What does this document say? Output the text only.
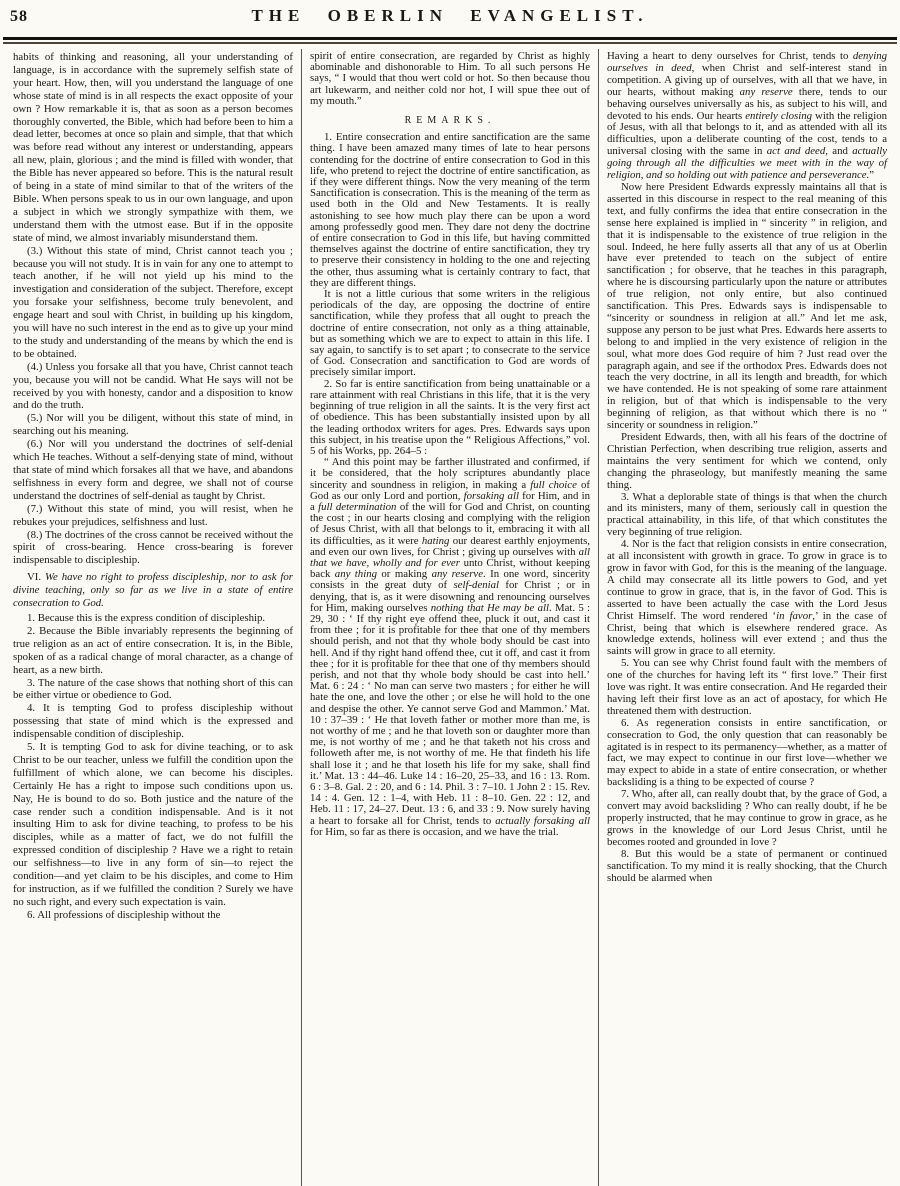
58	THE OBERLIN EVANGELIST.

habits of thinking and reasoning, all your understanding of language, is in accordance with the supremely selfish state of your heart. How, then, will you understand the language of one whose state of mind is in all respects the exact opposite of your own ? How remarkable it is, that as soon as a person becomes thoroughly converted, the Bible, which had before been to him a dead letter, becomes at once so plain and simple, that that which was before read without any interest or understanding, appears all new, plain, glorious ; and the mind is filled with wonder, that the Bible has never appeared so before. This is the natural result of being in a state of mind similar to that of the writers of the Bible. When persons speak to us in our own language, and upon a subject in which we strongly sympathize with them, we understand them with the utmost ease. But if in the opposite state of mind, we almost invariably misunderstand them.

(3.) Without this state of mind, Christ cannot teach you ; because you will not study. It is in vain for any one to attempt to teach another, if he will not yield up his mind to the investigation and consideration of the subject. Therefore, except you forsake your selfishness, become truly benevolent, and engage heart and soul with Christ, in building up his kingdom, you will have no such interest in the end as to give up your mind to the study and understanding of the means by which the end is to be obtained.

(4.) Unless you forsake all that you have, Christ cannot teach you, because you will not be candid. What He says will not be received by you with honesty, candor and a disposition to know and do the truth.

(5.) Nor will you be diligent, without this state of mind, in searching out his meaning.

(6.) Nor will you understand the doctrines of self-denial which He teaches. Without a self-denying state of mind, without that state of mind which forsakes all that we have, and abandons selfishness in every form and degree, we shall not of course understand the doctrines of self-denial as taught by Christ.

(7.) Without this state of mind, you will resist, when he rebukes your prejudices, selfishness and lust.

(8.) The doctrines of the cross cannot be received without the spirit of cross-bearing. Hence cross-bearing is forever indispensable to discipleship.

VI. We have no right to profess discipleship, nor to ask for divine teaching, only so far as we live in a state of entire consecration to God.

1. Because this is the express condition of discipleship.

2. Because the Bible invariably represents the beginning of true religion as an act of entire consecration. It is, in the Bible, spoken of as a radical change of moral character, as a change of heart, as a new birth.

3. The nature of the case shows that nothing short of this can be either virtue or obedience to God.

4. It is tempting God to profess discipleship without possessing that state of mind which is the expressed and indispensable condition of discipleship.

5. It is tempting God to ask for divine teaching, or to ask Christ to be our teacher, unless we fulfill the condition upon the fulfillment of which alone, we can become his disciples. Certainly He has a right to impose such conditions upon us. Nay, He is bound to do so. Both justice and the nature of the case render such a condition indispensable. And is it not insulting Him to ask for divine teaching, to profess to be his disciples, while as a matter of fact, we do not fulfill the expressed condition of discipleship ? Have we a right to retain our selfishness—to live in any form of sin—to reject the condition—and yet claim to be his disciples, and come to Him for instruction, as if we fulfilled the condition ? Surely we have no such right, and every such expectation is vain.

6. All professions of discipleship without the

spirit of entire consecration, are regarded by Christ as highly abominable and dishonorable to Him. To all such persons He says, “ I would that thou wert cold or hot. So then because thou art lukewarm, and neither cold nor hot, I will spue thee out of my mouth.”

REMARKS.

1. Entire consecration and entire sanctification are the same thing. I have been amazed many times of late to hear persons contending for the doctrine of entire consecration to God in this life, who pretend to reject the doctrine of entire sanctification, as if they were different things. Now the very meaning of the term Sanctification is consecration. This is the meaning of the term as used both in the Old and New Testaments. It is really astonishing to see how much play there can be upon a word among professedly good men. They dare not deny the doctrine of entire consecration to God in this life, but having committed themselves against the doctrine of entire sanctification, they try to preserve their consistency in holding to the one and rejecting the other, thus assuming what is certainly contrary to fact, that they are different things.

It is not a little curious that some writers in the religious periodicals of the day, are opposing the doctrine of entire sanctification, while they profess that all ought to preach the doctrine of entire consecration, not only as a thing attainable, but as something which we are to expect to attain in this life. I say again, to sanctify is to set apart ; to consecrate to the service of God. Consecration and sanctification to God are words of precisely similar import.

2. So far is entire sanctification from being unattainable or a rare attainment with real Christians in this life, that it is the very beginning of true religion in all the saints. It is the very first act of obedience. This has been substantially insisted upon by all the leading orthodox writers for ages. Pres. Edwards says upon this subject, in his treatise upon the “ Religious Affections,” vol. 5 of his Works, pp. 264–5 :

“ And this point may be farther illustrated and confirmed, if it be considered, that the holy scriptures abundantly place sincerity and soundness in religion, in making a full choice of God as our only Lord and portion, forsaking all for Him, and in a full determination of the will for God and Christ, on counting the cost ; in our hearts closing and complying with the religion of Jesus Christ, with all that belongs to it, embracing it with all its difficulties, as it were hating our dearest earthly enjoyments, and even our own lives, for Christ ; giving up ourselves with all that we have, wholly and for ever unto Christ, without keeping back any thing or making any reserve. In one word, sincerity consists in the great duty of self-denial for Christ ; or in denying, that is, as it were disowning and renouncing ourselves for Him, making ourselves nothing that He may be all. Mat. 5 : 29, 30 : ‘ If thy right eye offend thee, pluck it out, and cast it from thee ; for it is profitable for thee that one of thy members should perish, and not that thy whole body should be cast into hell. And if thy right hand offend thee, cut it off, and cast it from thee ; for it is profitable for thee that one of thy members should perish, and not that thy whole body should be cast into hell.’ Mat. 6 : 24 : ‘ No man can serve two masters ; for either he will hate the one, and love the other ; or else he will hold to the one and despise the other. Ye cannot serve God and Mammon.’ Mat. 10 : 37–39 : ‘ He that loveth father or mother more than me, is not worthy of me ; and he that loveth son or daughter more than me, is not worthy of me ; and he that taketh not his cross and followeth after me, is not worthy of me. He that findeth his life shall lose it ; and he that loseth his life for my sake, shall find it.’ Mat. 13 : 44–46. Luke 14 : 16–20, 25–33, and 16 : 13. Rom. 6 : 3–8. Gal. 2 : 20, and 6 : 14. Phil. 3 : 7–10. 1 John 2 : 15. Rev. 14 : 4. Gen. 12 : 1–4, with Heb. 11 : 8–10. Gen. 22 : 12, and Heb. 11 : 17, 24–27. Deut. 13 : 6, and 33 : 9. Now surely having a heart to forsake all for Christ, tends to actually forsaking all for Him, so far as there is occasion, and we have the trial.

Having a heart to deny ourselves for Christ, tends to denying ourselves in deed, when Christ and self-interest stand in competition. A giving up of ourselves, with all that we have, in our hearts, without making any reserve there, tends to our behaving ourselves universally as his, as subject to his will, and devoted to his ends. Our hearts entirely closing with the religion of Jesus, with all that belongs to it, and as attended with all its difficulties, upon a deliberate counting of the cost, tends to a universal closing with the same in act and deed, and actually going through all the difficulties we meet with in the way of religion, and so holding out with patience and perseverance.”

Now here President Edwards expressly maintains all that is asserted in this discourse in respect to the real meaning of this text, and fully confirms the idea that entire consecration in the sense here explained is implied in “ sincerity ” in religion, and that it is indispensable to the existence of true religion in the soul. Indeed, he here fully asserts all that any of us at Oberlin have ever pretended to teach on the subject of entire sanctification ; for observe, that he teaches in this paragraph, where he is discoursing particularly upon the nature or attributes of true religion, not only entire, but also continued sanctification. This Pres. Edwards says is indispensable to “sincerity or soundness in religion at all.” And let me ask, suppose any person to be just what Pres. Edwards here asserts to belong to and implied in the very existence of religion in the soul, what more does God require of him ? Just read over the paragraph again, and see if the orthodox Pres. Edwards does not teach the very doctrine, in all its length and breadth, for which we have contended. He is not speaking of some rare attainment in religion, but of that which is indispensable to the very beginning of religion, as that without which there is no “ sincerity or soundness in religion.”

President Edwards, then, with all his fears of the doctrine of Christian Perfection, when describing true religion, asserts and maintains the very sentiment for which we contend, only changing the phraseology, but manifestly meaning the same thing.

3. What a deplorable state of things is that when the church and its ministers, many of them, seriously call in question the practical attainability, in this life, of that which constitutes the very beginning of true religion.

4. Nor is the fact that religion consists in entire consecration, at all inconsistent with growth in grace. To grow in grace is to grow in favor with God, for this is the meaning of the language. A child may consecrate all its little powers to God, and yet continue to grow in grace, that is, in the favor of God. This is asserted to have been actually the case with the Lord Jesus Christ Himself. The word rendered ‘in favor,’ in the case of Christ, being that which is elsewhere rendered grace. As knowledge extends, holiness will ever extend ; and thus the saints will grow in grace to all eternity.

5. You can see why Christ found fault with the members of one of the churches for having left its “ first love.” Their first love was right. It was entire consecration. And He regarded their having left their first love as an act of apostacy, for which He threatened them with destruction.

6. As regeneration consists in entire sanctification, or consecration to God, the only question that can reasonably be agitated is in respect to its permanency—whether, as a matter of fact, we may expect to continue in our first love—whether we may expect to abide in a state of entire consecration, or whether backsliding is a thing to be expected of course ?

7. Who, after all, can really doubt that, by the grace of God, a convert may avoid backsliding ? Who can really doubt, if he be properly instructed, that he may continue to grow in grace, as he grows in the knowledge of our Lord Jesus Christ, until he becomes rooted and grounded in love ?

8. But this would be a state of permanent or continued sanctification. To my mind it is really shocking, that the Church should be alarmed when
